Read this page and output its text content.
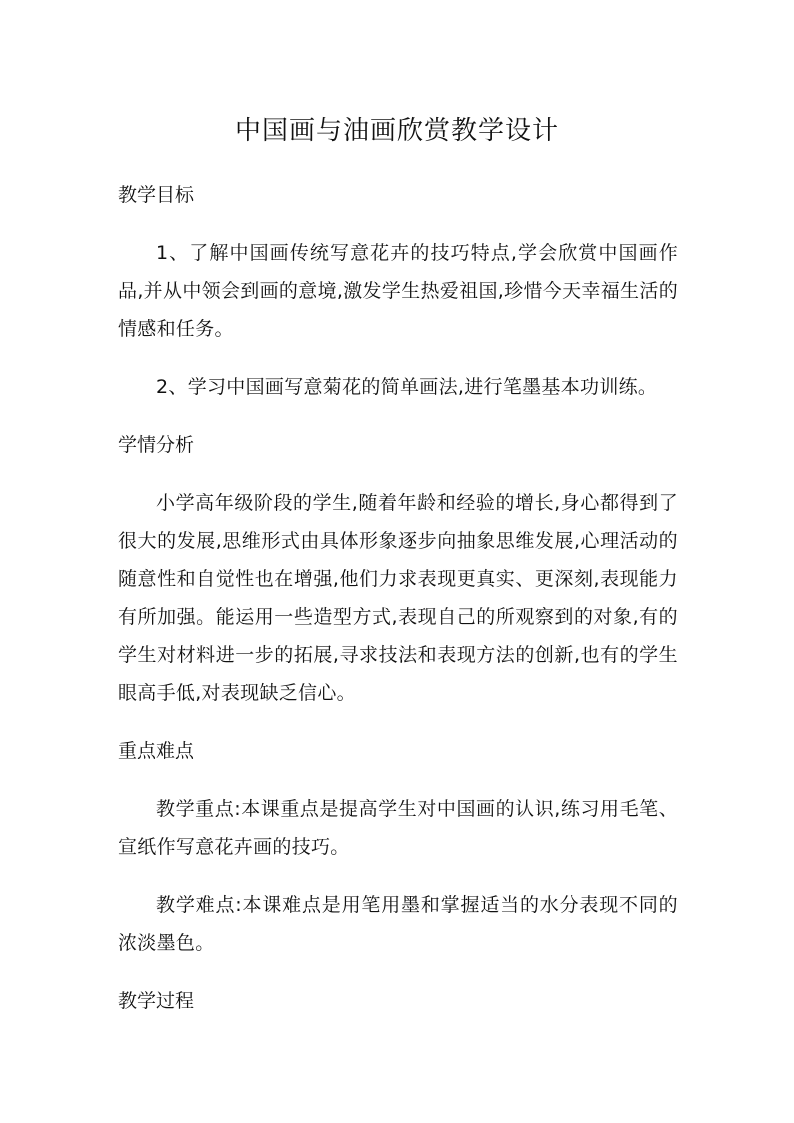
中国画与油画欣赏教学设计
教学目标

1、了解中国画传统写意花卉的技巧特点,学会欣赏中国画作品,并从中领会到画的意境,激发学生热爱祖国,珍惜今天幸福生活的情感和任务。

2、学习中国画写意菊花的简单画法,进行笔墨基本功训练。

学情分析

小学高年级阶段的学生,随着年龄和经验的增长,身心都得到了很大的发展,思维形式由具体形象逐步向抽象思维发展,心理活动的随意性和自觉性也在增强,他们力求表现更真实、更深刻,表现能力有所加强。能运用一些造型方式,表现自己的所观察到的对象,有的学生对材料进一步的拓展,寻求技法和表现方法的创新,也有的学生眼高手低,对表现缺乏信心。

重点难点

教学重点:本课重点是提高学生对中国画的认识,练习用毛笔、宣纸作写意花卉画的技巧。

教学难点:本课难点是用笔用墨和掌握适当的水分表现不同的浓淡墨色。

教学过程
